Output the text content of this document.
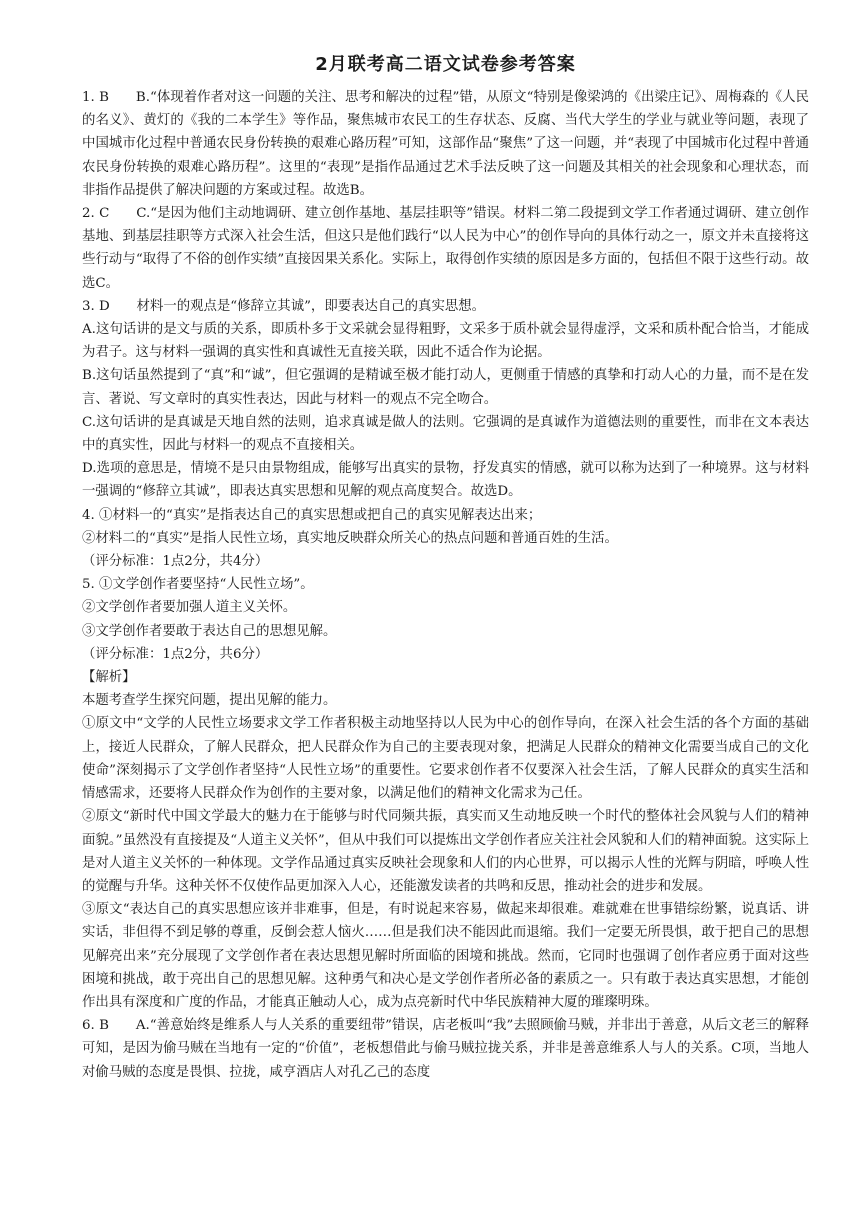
2月联考高二语文试卷参考答案

1. B　　B.“体现着作者对这一问题的关注、思考和解决的过程”错，从原文“特别是像梁鸿的《出梁庄记》、周梅森的《人民的名义》、黄灯的《我的二本学生》等作品，聚焦城市农民工的生存状态、反腐、当代大学生的学业与就业等问题，表现了中国城市化过程中普通农民身份转换的艰难心路历程”可知，这部作品“聚焦”了这一问题，并“表现了中国城市化过程中普通农民身份转换的艰难心路历程”。这里的“表现”是指作品通过艺术手法反映了这一问题及其相关的社会现象和心理状态，而非指作品提供了解决问题的方案或过程。故选B。

2. C　　C.“是因为他们主动地调研、建立创作基地、基层挂职等”错误。材料二第二段提到文学工作者通过调研、建立创作基地、到基层挂职等方式深入社会生活，但这只是他们践行“以人民为中心”的创作导向的具体行动之一，原文并未直接将这些行动与“取得了不俗的创作实绩”直接因果关系化。实际上，取得创作实绩的原因是多方面的，包括但不限于这些行动。故选C。

3. D　　材料一的观点是“修辞立其诚”，即要表达自己的真实思想。

A.这句话讲的是文与质的关系，即质朴多于文采就会显得粗野，文采多于质朴就会显得虚浮，文采和质朴配合恰当，才能成为君子。这与材料一强调的真实性和真诚性无直接关联，因此不适合作为论据。

B.这句话虽然提到了“真”和“诚”，但它强调的是精诚至极才能打动人，更侧重于情感的真挚和打动人心的力量，而不是在发言、著说、写文章时的真实性表达，因此与材料一的观点不完全吻合。

C.这句话讲的是真诚是天地自然的法则，追求真诚是做人的法则。它强调的是真诚作为道德法则的重要性，而非在文本表达中的真实性，因此与材料一的观点不直接相关。

D.选项的意思是，情境不是只由景物组成，能够写出真实的景物，抒发真实的情感，就可以称为达到了一种境界。这与材料一强调的“修辞立其诚”，即表达真实思想和见解的观点高度契合。故选D。

4. ①材料一的“真实”是指表达自己的真实思想或把自己的真实见解表达出来；

②材料二的“真实”是指人民性立场，真实地反映群众所关心的热点问题和普通百姓的生活。

（评分标准：1点2分，共4分）

5. ①文学创作者要坚持“人民性立场”。

②文学创作者要加强人道主义关怀。

③文学创作者要敢于表达自己的思想见解。

（评分标准：1点2分，共6分）

【解析】

本题考查学生探究问题，提出见解的能力。

①原文中“文学的人民性立场要求文学工作者积极主动地坚持以人民为中心的创作导向，在深入社会生活的各个方面的基础上，接近人民群众，了解人民群众，把人民群众作为自己的主要表现对象，把满足人民群众的精神文化需要当成自己的文化使命”深刻揭示了文学创作者坚持“人民性立场”的重要性。它要求创作者不仅要深入社会生活，了解人民群众的真实生活和情感需求，还要将人民群众作为创作的主要对象，以满足他们的精神文化需求为己任。

②原文“新时代中国文学最大的魅力在于能够与时代同频共振，真实而又生动地反映一个时代的整体社会风貌与人们的精神面貌。”虽然没有直接提及“人道主义关怀”，但从中我们可以提炼出文学创作者应关注社会风貌和人们的精神面貌。这实际上是对人道主义关怀的一种体现。文学作品通过真实反映社会现象和人们的内心世界，可以揭示人性的光辉与阴暗，呼唤人性的觉醒与升华。这种关怀不仅使作品更加深入人心，还能激发读者的共鸣和反思，推动社会的进步和发展。

③原文“表达自己的真实思想应该并非难事，但是，有时说起来容易，做起来却很难。难就难在世事错综纷繁，说真话、讲实话，非但得不到足够的尊重，反倒会惹人恼火……但是我们决不能因此而退缩。我们一定要无所畏惧，敢于把自己的思想见解亮出来”充分展现了文学创作者在表达思想见解时所面临的困境和挑战。然而，它同时也强调了创作者应勇于面对这些困境和挑战，敢于亮出自己的思想见解。这种勇气和决心是文学创作者所必备的素质之一。只有敢于表达真实思想，才能创作出具有深度和广度的作品，才能真正触动人心，成为点亮新时代中华民族精神大厦的璀璨明珠。

6. B　　A.“善意始终是维系人与人关系的重要纽带”错误，店老板叫“我”去照顾偷马贼，并非出于善意，从后文老三的解释可知，是因为偷马贼在当地有一定的“价值”，老板想借此与偷马贼拉拢关系，并非是善意维系人与人的关系。C项，当地人对偷马贼的态度是畏惧、拉拢，咸亨酒店人对孔乙己的态度
